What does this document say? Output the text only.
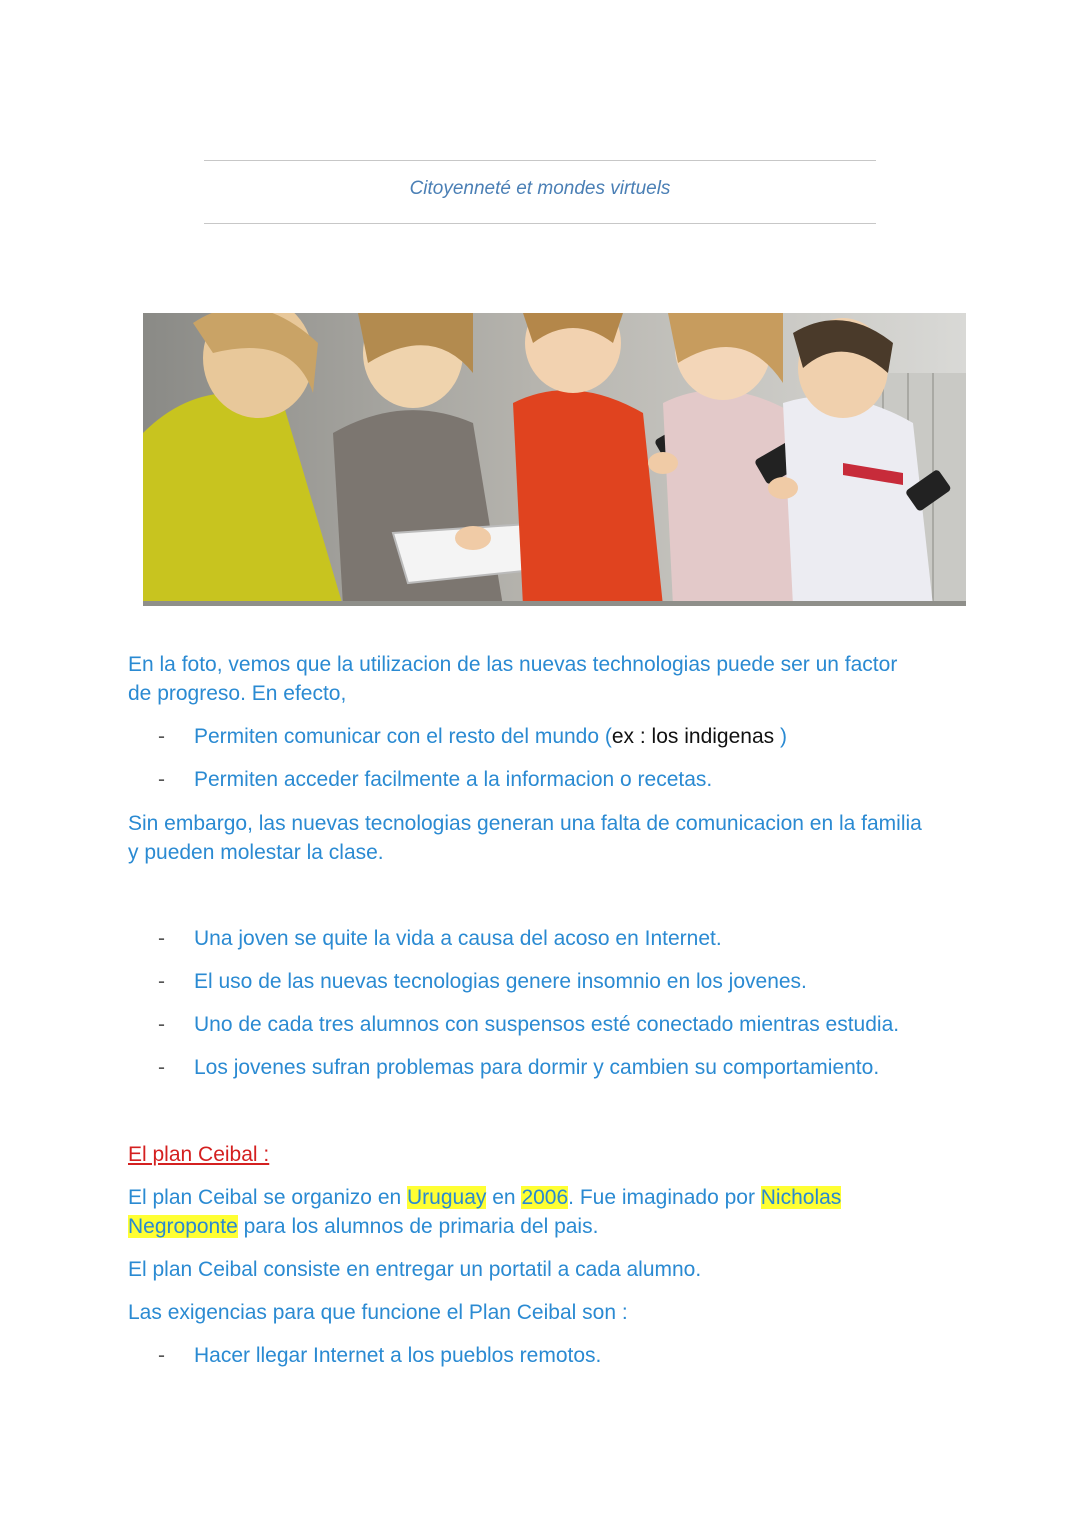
Citoyenneté et mondes virtuels
En la foto, vemos que la utilizacion de las nuevas technologias puede ser un factor
de progreso. En efecto,
- Permiten comunicar con el resto del mundo (ex : los indigenas )
- Permiten acceder facilmente a la informacion o recetas.
Sin embargo, las nuevas tecnologias generan una falta de comunicacion en la familia
y pueden molestar la clase.
- Una joven se quite la vida a causa del acoso en Internet.
- El uso de las nuevas tecnologias genere insomnio en los jovenes.
- Uno de cada tres alumnos con suspensos esté conectado mientras estudia.
- Los jovenes sufran problemas para dormir y cambien su comportamiento.
El plan Ceibal :
El plan Ceibal se organizo en Uruguay en 2006. Fue imaginado por Nicholas
Negroponte para los alumnos de primaria del pais.
El plan Ceibal consiste en entregar un portatil a cada alumno.
Las exigencias para que funcione el Plan Ceibal son :
- Hacer llegar Internet a los pueblos remotos.
